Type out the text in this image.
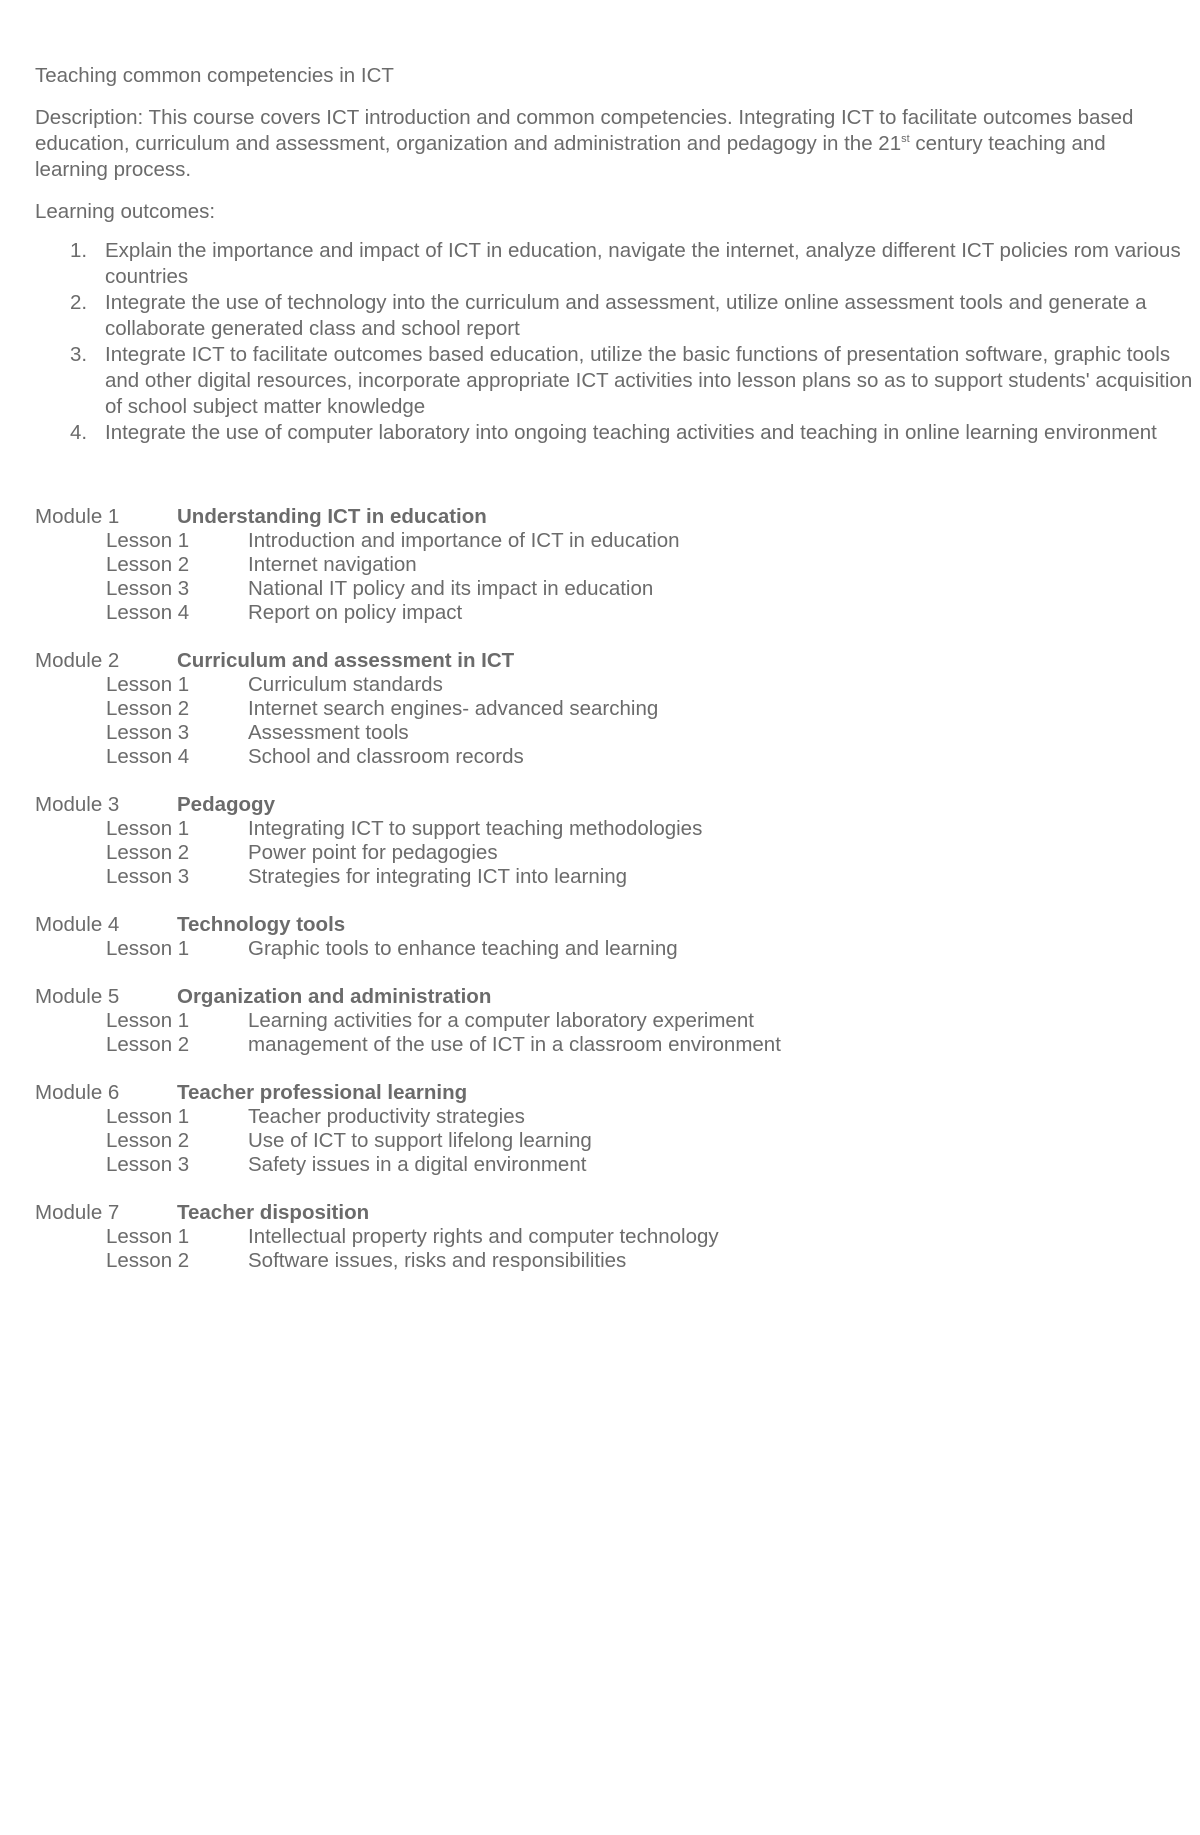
Teaching common competencies in ICT
Description: This course covers ICT introduction and common competencies. Integrating ICT to facilitate outcomes based education, curriculum and assessment, organization and administration and pedagogy in the 21st century teaching and learning process.
Learning outcomes:
1. Explain the importance and impact of ICT in education, navigate the internet, analyze different ICT policies rom various countries
2. Integrate the use of technology into the curriculum and assessment, utilize online assessment tools and generate a collaborate generated class and school report
3. Integrate ICT to facilitate outcomes based education, utilize the basic functions of presentation software, graphic tools and other digital resources, incorporate appropriate ICT activities into lesson plans so as to support students' acquisition of school subject matter knowledge
4. Integrate the use of computer laboratory into ongoing teaching activities and teaching in online learning environment
Module 1	Understanding ICT in education
Lesson 1	Introduction and importance of ICT in education
Lesson 2	Internet navigation
Lesson 3	National IT policy and its impact in education
Lesson 4	Report on policy impact
Module 2	Curriculum and assessment in ICT
Lesson 1	Curriculum standards
Lesson 2	Internet search engines- advanced searching
Lesson 3	Assessment tools
Lesson 4	School and classroom records
Module 3	Pedagogy
Lesson 1	Integrating ICT to support teaching methodologies
Lesson 2	Power point for pedagogies
Lesson 3	Strategies for integrating ICT into learning
Module 4	Technology tools
Lesson 1	Graphic tools to enhance teaching and learning
Module 5	Organization and administration
Lesson 1	Learning activities for a computer laboratory experiment
Lesson 2	management of the use of ICT in a classroom environment
Module 6	Teacher professional learning
Lesson 1	Teacher productivity strategies
Lesson 2	Use of ICT to support lifelong learning
Lesson 3	Safety issues in a digital environment
Module 7	Teacher disposition
Lesson 1	Intellectual property rights and computer technology
Lesson 2	Software issues, risks and responsibilities
